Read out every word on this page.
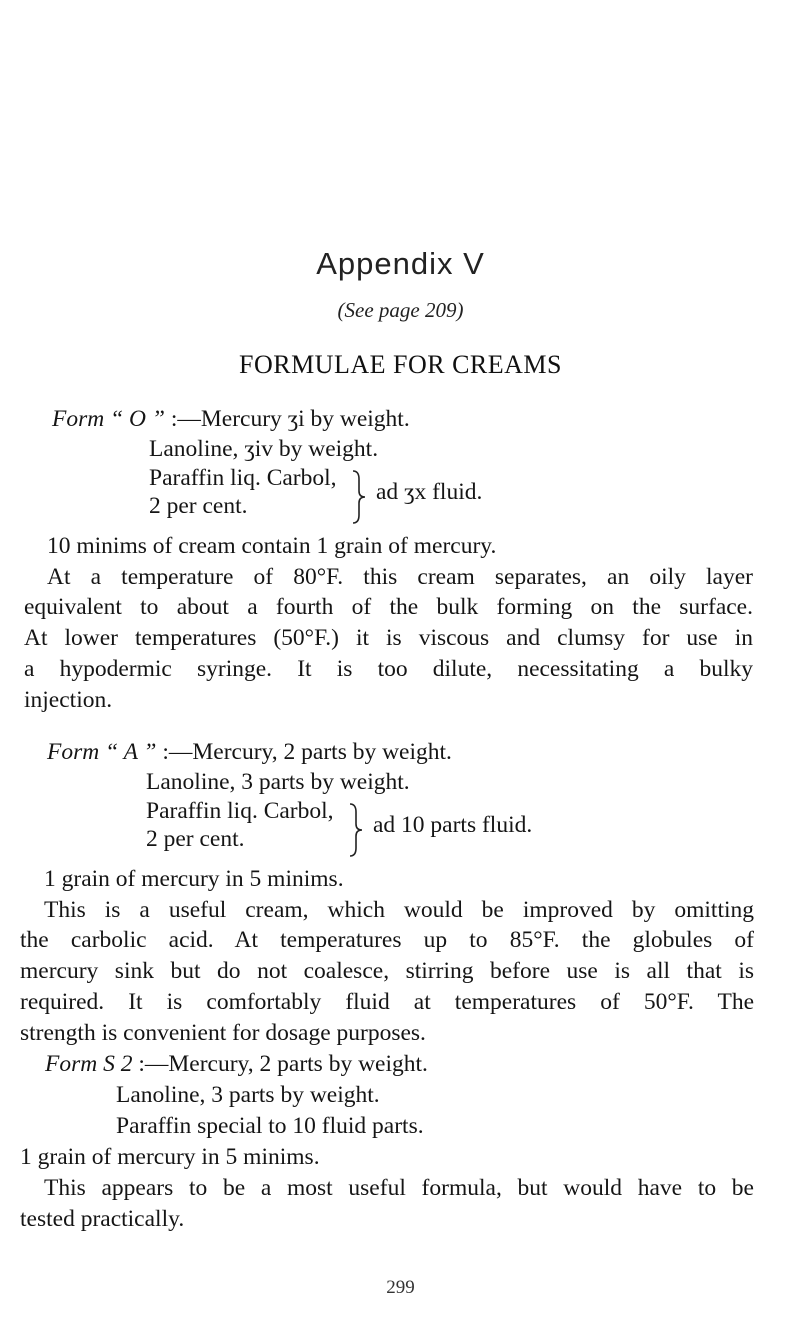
Appendix V
(See page 209)
FORMULAE FOR CREAMS
Form “ O ” :—Mercury ʒi by weight.
Lanoline, ʒiv by weight.
Paraffin liq. Carbol,
2 per cent.
ad ʒx fluid.
10 minims of cream contain 1 grain of mercury.
At a temperature of 80°F. this cream separates, an oily layer
equivalent to about a fourth of the bulk forming on the surface.
At lower temperatures (50°F.) it is viscous and clumsy for use in
a hypodermic syringe. It is too dilute, necessitating a bulky
injection.
Form “ A ” :—Mercury, 2 parts by weight.
Lanoline, 3 parts by weight.
Paraffin liq. Carbol,
2 per cent.
ad 10 parts fluid.
1 grain of mercury in 5 minims.
This is a useful cream, which would be improved by omitting
the carbolic acid. At temperatures up to 85°F. the globules of
mercury sink but do not coalesce, stirring before use is all that is
required. It is comfortably fluid at temperatures of 50°F. The
strength is convenient for dosage purposes.
Form S 2 :—Mercury, 2 parts by weight.
Lanoline, 3 parts by weight.
Paraffin special to 10 fluid parts.
1 grain of mercury in 5 minims.
This appears to be a most useful formula, but would have to be
tested practically.
299
